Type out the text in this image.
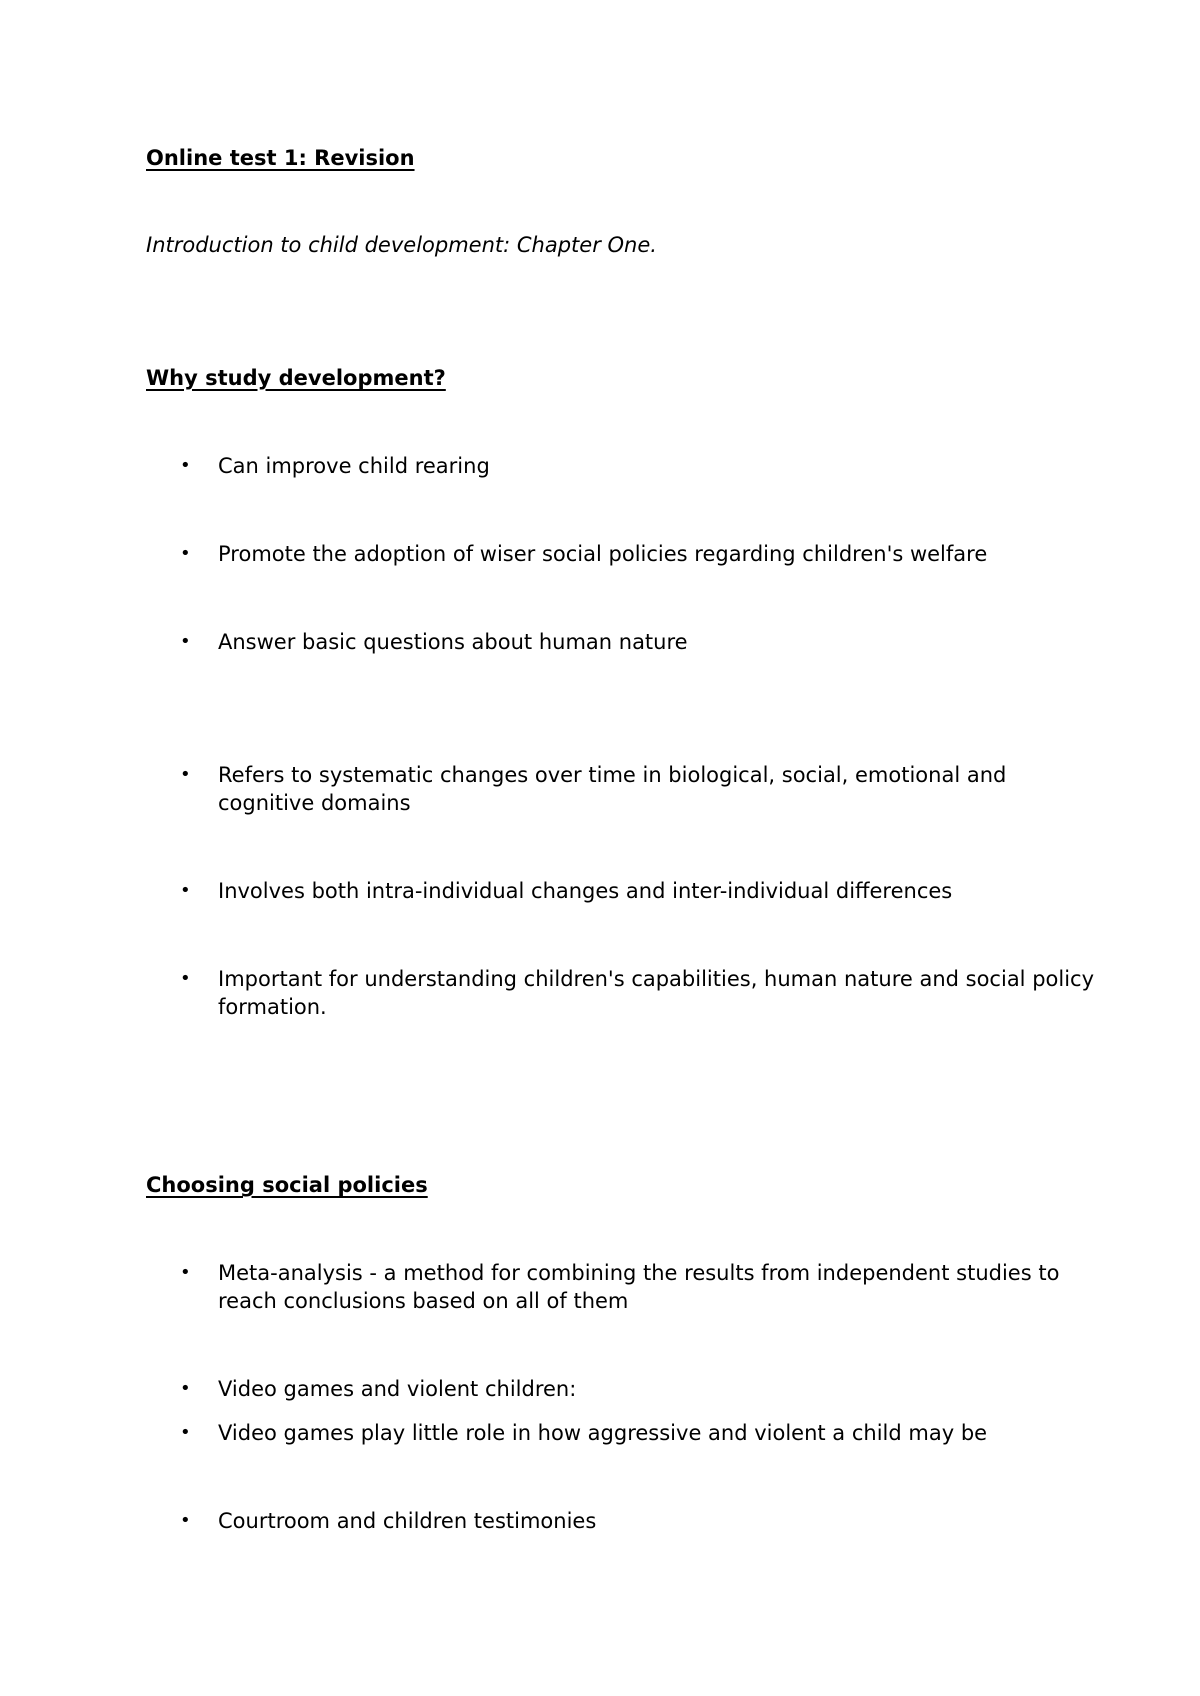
Online test 1: Revision
Introduction to child development: Chapter One.
Why study development?
•	Can improve child rearing
•	Promote the adoption of wiser social policies regarding children's welfare
•	Answer basic questions about human nature
•	Refers to systematic changes over time in biological, social, emotional and cognitive domains
•	Involves both intra-individual changes and inter-individual differences
•	Important for understanding children's capabilities, human nature and social policy formation.
Choosing social policies
•	Meta-analysis - a method for combining the results from independent studies to reach conclusions based on all of them
•	Video games and violent children:
•	Video games play little role in how aggressive and violent a child may be
•	Courtroom and children testimonies
